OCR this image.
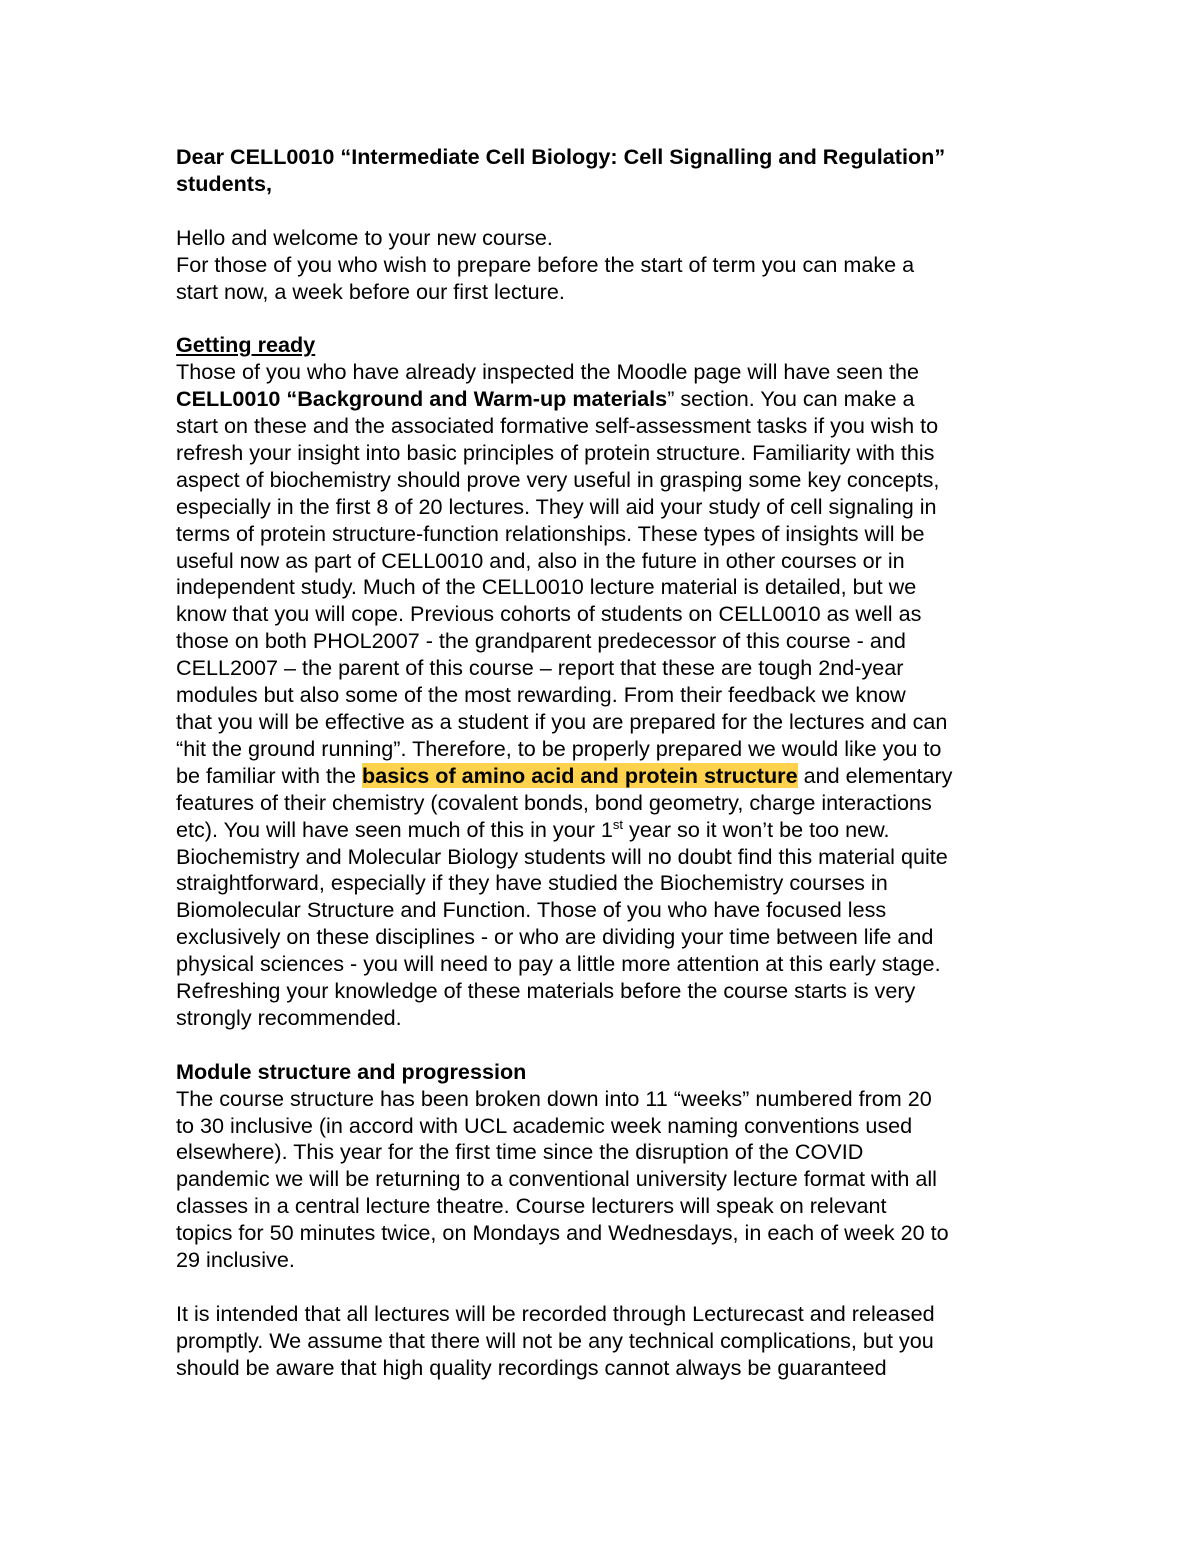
Dear CELL0010 “Intermediate Cell Biology: Cell Signalling and Regulation”
students,
Hello and welcome to your new course.
For those of you who wish to prepare before the start of term you can make a
start now, a week before our first lecture.
Getting ready
Those of you who have already inspected the Moodle page will have seen the
CELL0010 “Background and Warm-up materials” section. You can make a
start on these and the associated formative self-assessment tasks if you wish to
refresh your insight into basic principles of protein structure. Familiarity with this
aspect of biochemistry should prove very useful in grasping some key concepts,
especially in the first 8 of 20 lectures. They will aid your study of cell signaling in
terms of protein structure-function relationships. These types of insights will be
useful now as part of CELL0010 and, also in the future in other courses or in
independent study. Much of the CELL0010 lecture material is detailed, but we
know that you will cope. Previous cohorts of students on CELL0010 as well as
those on both PHOL2007 - the grandparent predecessor of this course - and
CELL2007 – the parent of this course – report that these are tough 2nd-year
modules but also some of the most rewarding. From their feedback we know
that you will be effective as a student if you are prepared for the lectures and can
“hit the ground running”. Therefore, to be properly prepared we would like you to
be familiar with the basics of amino acid and protein structure and elementary
features of their chemistry (covalent bonds, bond geometry, charge interactions
etc). You will have seen much of this in your 1st year so it won’t be too new.
Biochemistry and Molecular Biology students will no doubt find this material quite
straightforward, especially if they have studied the Biochemistry courses in
Biomolecular Structure and Function. Those of you who have focused less
exclusively on these disciplines - or who are dividing your time between life and
physical sciences - you will need to pay a little more attention at this early stage.
Refreshing your knowledge of these materials before the course starts is very
strongly recommended.
Module structure and progression
The course structure has been broken down into 11 “weeks” numbered from 20
to 30 inclusive (in accord with UCL academic week naming conventions used
elsewhere). This year for the first time since the disruption of the COVID
pandemic we will be returning to a conventional university lecture format with all
classes in a central lecture theatre. Course lecturers will speak on relevant
topics for 50 minutes twice, on Mondays and Wednesdays, in each of week 20 to
29 inclusive.
It is intended that all lectures will be recorded through Lecturecast and released
promptly. We assume that there will not be any technical complications, but you
should be aware that high quality recordings cannot always be guaranteed
